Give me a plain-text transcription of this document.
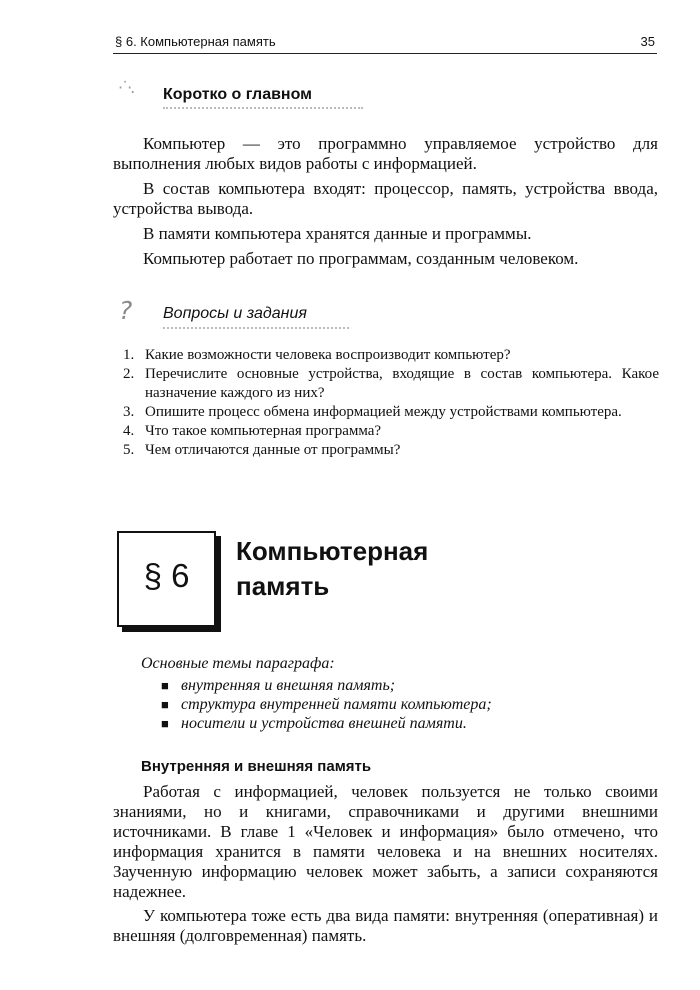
§ 6. Компьютерная память	35
·˙·. Коротко о главном

Компьютер — это программно управляемое устройство для выполнения любых видов работы с информацией.

В состав компьютера входят: процессор, память, устройства ввода, устройства вывода.

В памяти компьютера хранятся данные и программы.

Компьютер работает по программам, созданным человеком.

? Вопросы и задания
1. Какие возможности человека воспроизводит компьютер?
2. Перечислите основные устройства, входящие в состав компьютера. Какое назначение каждого из них?
3. Опишите процесс обмена информацией между устройствами компьютера.
4. Что такое компьютерная программа?
5. Чем отличаются данные от программы?
§ 6
Компьютерная
память
Основные темы параграфа:
■ внутренняя и внешняя память;
■ структура внутренней памяти компьютера;
■ носители и устройства внешней памяти.
Внутренняя и внешняя память

Работая с информацией, человек пользуется не только своими знаниями, но и книгами, справочниками и другими внешними источниками. В главе 1 «Человек и информация» было отмечено, что информация хранится в памяти человека и на внешних носителях. Заученную информацию человек может забыть, а записи сохраняются надежнее.

У компьютера тоже есть два вида памяти: внутренняя (оперативная) и внешняя (долговременная) память.
